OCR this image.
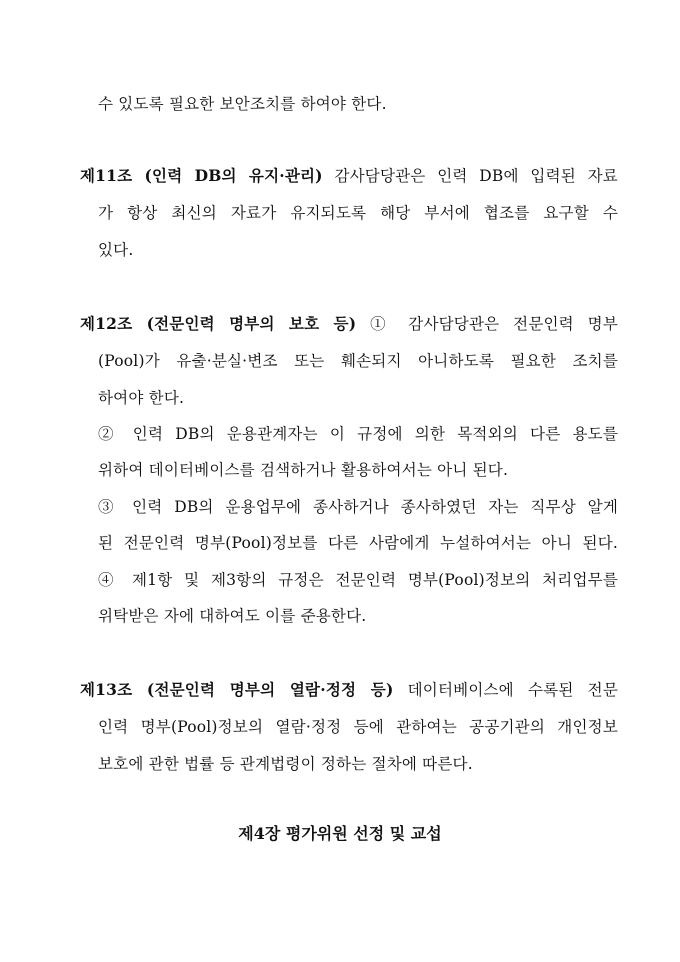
수 있도록 필요한 보안조치를 하여야 한다.
제11조 (인력 DB의 유지·관리) 감사담당관은 인력 DB에 입력된 자료
가 항상 최신의 자료가 유지되도록 해당 부서에 협조를 요구할 수
있다.
제12조 (전문인력 명부의 보호 등) ① 감사담당관은 전문인력 명부
(Pool)가 유출·분실·변조 또는 훼손되지 아니하도록 필요한 조치를
하여야 한다.
② 인력 DB의 운용관계자는 이 규정에 의한 목적외의 다른 용도를
위하여 데이터베이스를 검색하거나 활용하여서는 아니 된다.
③ 인력 DB의 운용업무에 종사하거나 종사하였던 자는 직무상 알게
된 전문인력 명부(Pool)정보를 다른 사람에게 누설하여서는 아니 된다.
④ 제1항 및 제3항의 규정은 전문인력 명부(Pool)정보의 처리업무를
위탁받은 자에 대하여도 이를 준용한다.
제13조 (전문인력 명부의 열람·정정 등) 데이터베이스에 수록된 전문
인력 명부(Pool)정보의 열람·정정 등에 관하여는 공공기관의 개인정보
보호에 관한 법률 등 관계법령이 정하는 절차에 따른다.
제4장 평가위원 선정 및 교섭
